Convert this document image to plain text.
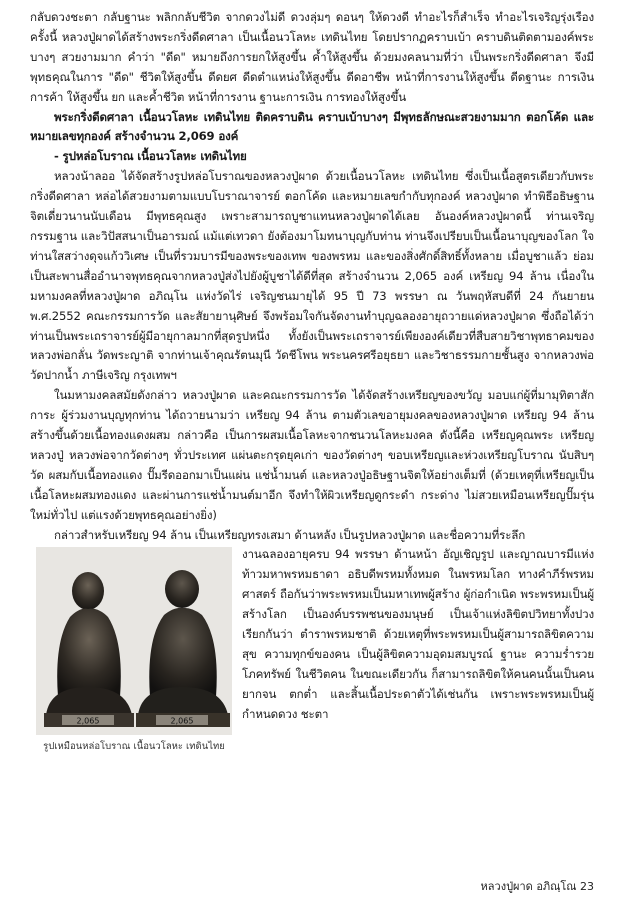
กลับดวงชะตา กลับฐานะ พลิกกลับชีวิต จากดวงไม่ดี ดวงลุ่มๆ ดอนๆ ให้ดวงดี ทำอะไรก็สำเร็จ ทำอะไรเจริญรุ่งเรือง ครั้งนี้ หลวงปู่ผาดได้สร้างพระกริ่งดีดศาลา เป็นเนื้อนวโลหะ เทดินไทย โดยปรากฏคราบเบ้า คราบดินติดตามองค์พระบางๆ สวยงามมาก คำว่า "ดีด" หมายถึงการยกให้สูงขึ้น ค้ำให้สูงขึ้น ด้วยมงคลนามที่ว่า เป็นพระกริ่งดีดศาลา จึงมีพุทธคุณในการ "ดีด" ชีวิตให้สูงขึ้น ดีดยศ ดีดตำแหน่งให้สูงขึ้น ดีดอาชีพ หน้าที่การงานให้สูงขึ้น ดีดฐานะ การเงินการค้า ให้สูงขึ้น ยก และค้ำชีวิต หน้าที่การงาน ฐานะการเงิน การทองให้สูงขึ้น

พระกริ่งดีดศาลา เนื้อนวโลหะ เทดินไทย ติดคราบดิน คราบเบ้าบางๆ มีพุทธลักษณะสวยงามมาก ตอกโค้ด และหมายเลขทุกองค์ สร้างจำนวน 2,069 องค์

- รูปหล่อโบราณ เนื้อนวโลหะ เทดินไทย

หลวงน้าลออ ได้จัดสร้างรูปหล่อโบราณของหลวงปู่ผาด ด้วยเนื้อนวโลหะ เทดินไทย ซึ่งเป็นเนื้อสูตรเดียวกับพระกริ่งดีดศาลา หล่อได้สวยงามตามแบบโบราณาจารย์ ตอกโค้ด และหมายเลขกำกับทุกองค์ หลวงปู่ผาด ทำพิธีอธิษฐานจิตเดี่ยวนานนับเดือน มีพุทธคุณสูง เพราะสามารถบูชาแทนหลวงปู่ผาดได้เลย อันองค์หลวงปู่ผาดนี้ ท่านเจริญกรรมฐาน และวิปัสสนาเป็นอารมณ์ แม้แต่เทวดา ยังต้องมาโมทนาบุญกับท่าน ท่านจึงเปรียบเป็นเนื้อนาบุญของโลก ใจท่านใสสว่างดุจแก้ววิเศษ เป็นที่รวมบารมีของพระของเทพ ของพรหม และของสิ่งศักดิ์สิทธิ์ทั้งหลาย เมื่อบูชาแล้ว ย่อมเป็นสะพานสื่ออำนาจพุทธคุณจากหลวงปู่ส่งไปยังผู้บูชาได้ดีที่สุด สร้างจำนวน 2,065 องค์ เหรียญ 94 ล้าน เนื่องในมหามงคลที่หลวงปู่ผาด อภิณฺโน แห่งวัดไร่ เจริญชนมายุได้ 95 ปี 73 พรรษา ณ วันพฤหัสบดีที่ 24 กันยายน พ.ศ.2552 คณะกรรมการวัด และสัยายานุศิษย์ จึงพร้อมใจกันจัดงานทำบุญฉลองอายุถวายแด่หลวงปู่ผาด ซึ่งถือได้ว่า ท่านเป็นพระเถราจารย์ผู้มีอายุกาลมากที่สุดรูปหนึ่ง ทั้งยังเป็นพระเถราจารย์เพียงองค์เดียวที่สืบสายวิชาพุทธาคมของหลวงพ่อกลั่น วัดพระญาติ จากท่านเจ้าคุณรัตนมุนี วัดชีโพน พระนครศรีอยุธยา และวิชาธรรมกายชั้นสูง จากหลวงพ่อวัดปากน้ำ ภาษีเจริญ กรุงเทพฯ

ในมหามงคลสมัยดังกล่าว หลวงปู่ผาด และคณะกรรมการวัด ได้จัดสร้างเหรียญของขวัญ มอบแก่ผู้ที่มามุทิตาสักการะ ผู้ร่วมงานบุญทุกท่าน ได้ถวายนามว่า เหรียญ 94 ล้าน ตามตัวเลขอายุมงคลของหลวงปู่ผาด เหรียญ 94 ล้าน สร้างขึ้นด้วยเนื้อทองแดงผสม กล่าวคือ เป็นการผสมเนื้อโลหะจากชนวนโลหะมงคล ดังนี้คือ เหรียญคุณพระ เหรียญหลวงปู่ หลวงพ่อจากวัดต่างๆ ทั่วประเทศ แผ่นตะกรุดยุคเก่า ของวัดต่างๆ ขอบเหรียญและห่วงเหรียญโบราณ นับสิบๆ วัด ผสมกับเนื้อทองแดง ปั๊มรีดออกมาเป็นแผ่น แช่น้ำมนต์ และหลวงปู่อธิษฐานจิตให้อย่างเต็มที่ (ด้วยเหตุที่เหรียญเป็นเนื้อโลหะผสมทองแดง และผ่านการแช่น้ำมนต์มาอีก จึงทำให้ผิวเหรียญดูกระดำ กระด่าง ไม่สวยเหมือนเหรียญปั๊มรุ่นใหม่ทั่วไป แต่แรงด้วยพุทธคุณอย่างยิ่ง)

กล่าวสำหรับเหรียญ 94 ล้าน เป็นเหรียญทรงเสมา ด้านหลัง เป็นรูปหลวงปู่ผาด และชื่อความที่ระลึก

2,065	2,065
รูปเหมือนหล่อโบราณ เนื้อนวโลหะ เทดินไทย

งานฉลองอายุครบ 94 พรรษา ด้านหน้า อัญเชิญรูป และญาณบารมีแห่ง ท้าวมหาพรหมธาดา อธิบดีพรหมทั้งหมด ในพรหมโลก ทางคำภีร์พรหมศาสตร์ ถือกันว่าพระพรหมเป็นมหาเทพผู้สร้าง ผู้ก่อกำเนิด พระพรหมเป็นผู้สร้างโลก เป็นองค์บรรพชนของมนุษย์ เป็นเจ้าแห่งลิขิตปวิทยาทั้งปวง เรียกกันว่า ตำราพรหมชาติ ด้วยเหตุที่พระพรหมเป็นผู้สามารถลิขิตความสุข ความทุกข์ของคน เป็นผู้ลิขิตความอุดมสมบูรณ์ ฐานะ ความร่ำรวย โภคทรัพย์ ในชีวิตคน ในขณะเดียวกัน ก็สามารถลิขิตให้คนคนนั้นเป็นคนยากจน ตกต่ำ และสิ้นเนื้อประดาตัวได้เช่นกัน เพราะพระพรหมเป็นผู้กำหนดดวง ชะตา

หลวงปู่ผาด อภิณฺโณ 23
